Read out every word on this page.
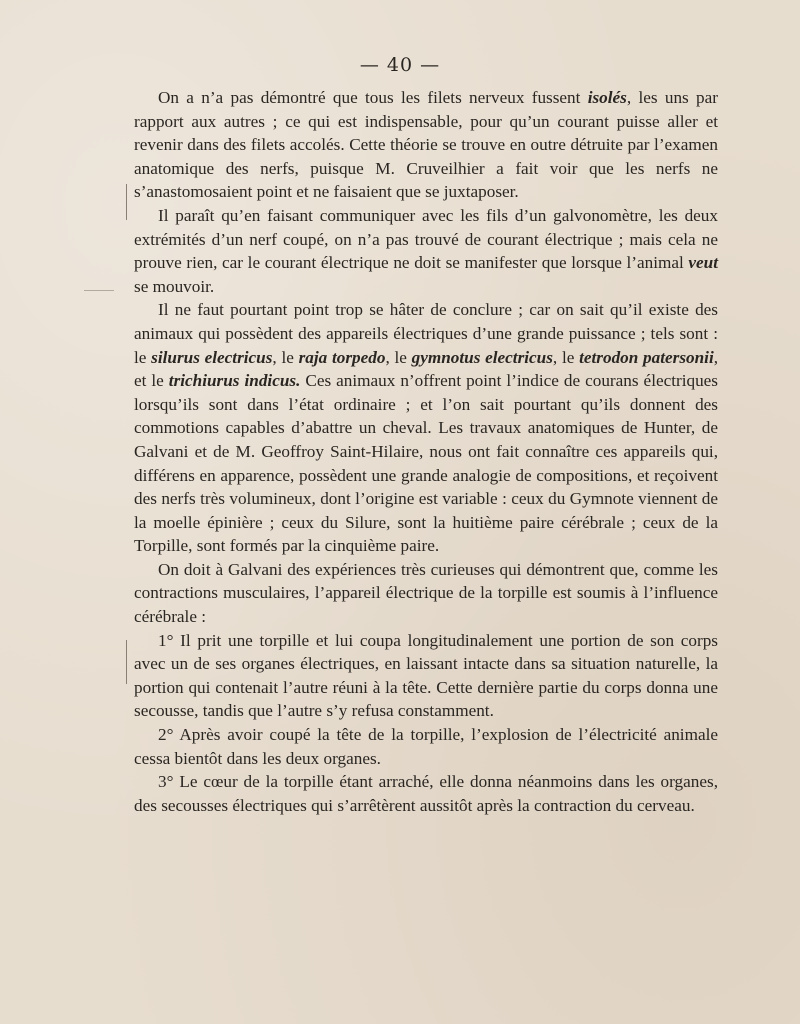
— 40 —

On a n’a pas démontré que tous les filets nerveux fussent isolés, les uns par rapport aux autres ; ce qui est indispensable, pour qu’un courant puisse aller et revenir dans des filets accolés. Cette théorie se trouve en outre détruite par l’examen anatomique des nerfs, puisque M. Cruveilhier a fait voir que les nerfs ne s’anastomosaient point et ne faisaient que se juxtaposer.

Il paraît qu’en faisant communiquer avec les fils d’un galvonomètre, les deux extrémités d’un nerf coupé, on n’a pas trouvé de courant électrique ; mais cela ne prouve rien, car le courant électrique ne doit se manifester que lorsque l’animal veut se mouvoir.

Il ne faut pourtant point trop se hâter de conclure ; car on sait qu’il existe des animaux qui possèdent des appareils électriques d’une grande puissance ; tels sont : le silurus electricus, le raja torpedo, le gymnotus electricus, le tetrodon patersonii, et le trichiurus indicus. Ces animaux n’offrent point l’indice de courans électriques lorsqu’ils sont dans l’état ordinaire ; et l’on sait pourtant qu’ils donnent des commotions capables d’abattre un cheval. Les travaux anatomiques de Hunter, de Galvani et de M. Geoffroy Saint-Hilaire, nous ont fait connaître ces appareils qui, différens en apparence, possèdent une grande analogie de compositions, et reçoivent des nerfs très volumineux, dont l’origine est variable : ceux du Gymnote viennent de la moelle épinière ; ceux du Silure, sont la huitième paire cérébrale ; ceux de la Torpille, sont formés par la cinquième paire.

On doit à Galvani des expériences très curieuses qui démontrent que, comme les contractions musculaires, l’appareil électrique de la torpille est soumis à l’influence cérébrale :

1° Il prit une torpille et lui coupa longitudinalement une portion de son corps avec un de ses organes électriques, en laissant intacte dans sa situation naturelle, la portion qui contenait l’autre réuni à la tête. Cette dernière partie du corps donna une secousse, tandis que l’autre s’y refusa constamment.

2° Après avoir coupé la tête de la torpille, l’explosion de l’électricité animale cessa bientôt dans les deux organes.

3° Le cœur de la torpille étant arraché, elle donna néanmoins dans les organes, des secousses électriques qui s’arrêtèrent aussitôt après la contraction du cerveau.
